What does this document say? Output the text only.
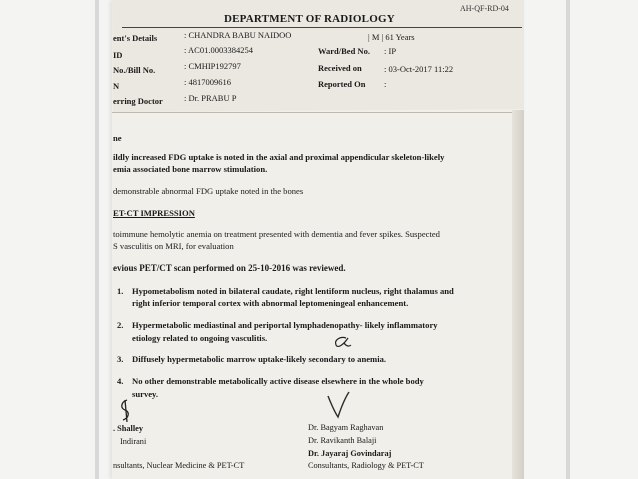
AH-QF-RD-04
DEPARTMENT OF RADIOLOGY
ent's Details	: CHANDRA BABU NAIDOO	| M | 61 Years
ID	: AC01.0003384254	Ward/Bed No. : IP
No./Bill No.	: CMHIP192797	Received on	: 03-Oct-2017 11:22
N	: 4817009616	Reported On :
erring Doctor : Dr. PRABU P
ne
ildly increased FDG uptake is noted in the axial and proximal appendicular skeleton-likely
emia associated bone marrow stimulation.
demonstrable abnormal FDG uptake noted in the bones
ET-CT IMPRESSION
toimmune hemolytic anemia on treatment presented with dementia and fever spikes. Suspected
S vasculitis on MRI, for evaluation
evious PET/CT scan performed on 25-10-2016 was reviewed.
1. Hypometabolism noted in bilateral caudate, right lentiform nucleus, right thalamus and
right inferior temporal cortex with abnormal leptomeningeal enhancement.
2. Hypermetabolic mediastinal and periportal lymphadenopathy- likely inflammatory
etiology related to ongoing vasculitis.
3. Diffusely hypermetabolic marrow uptake-likely secondary to anemia.
4. No other demonstrable metabolically active disease elsewhere in the whole body
survey.
. Shalley
Indirani
nsultants, Nuclear Medicine & PET-CT
Dr. Bagyam Raghavan
Dr. Ravikanth Balaji
Dr. Jayaraj Govindaraj
Consultants, Radiology & PET-CT
